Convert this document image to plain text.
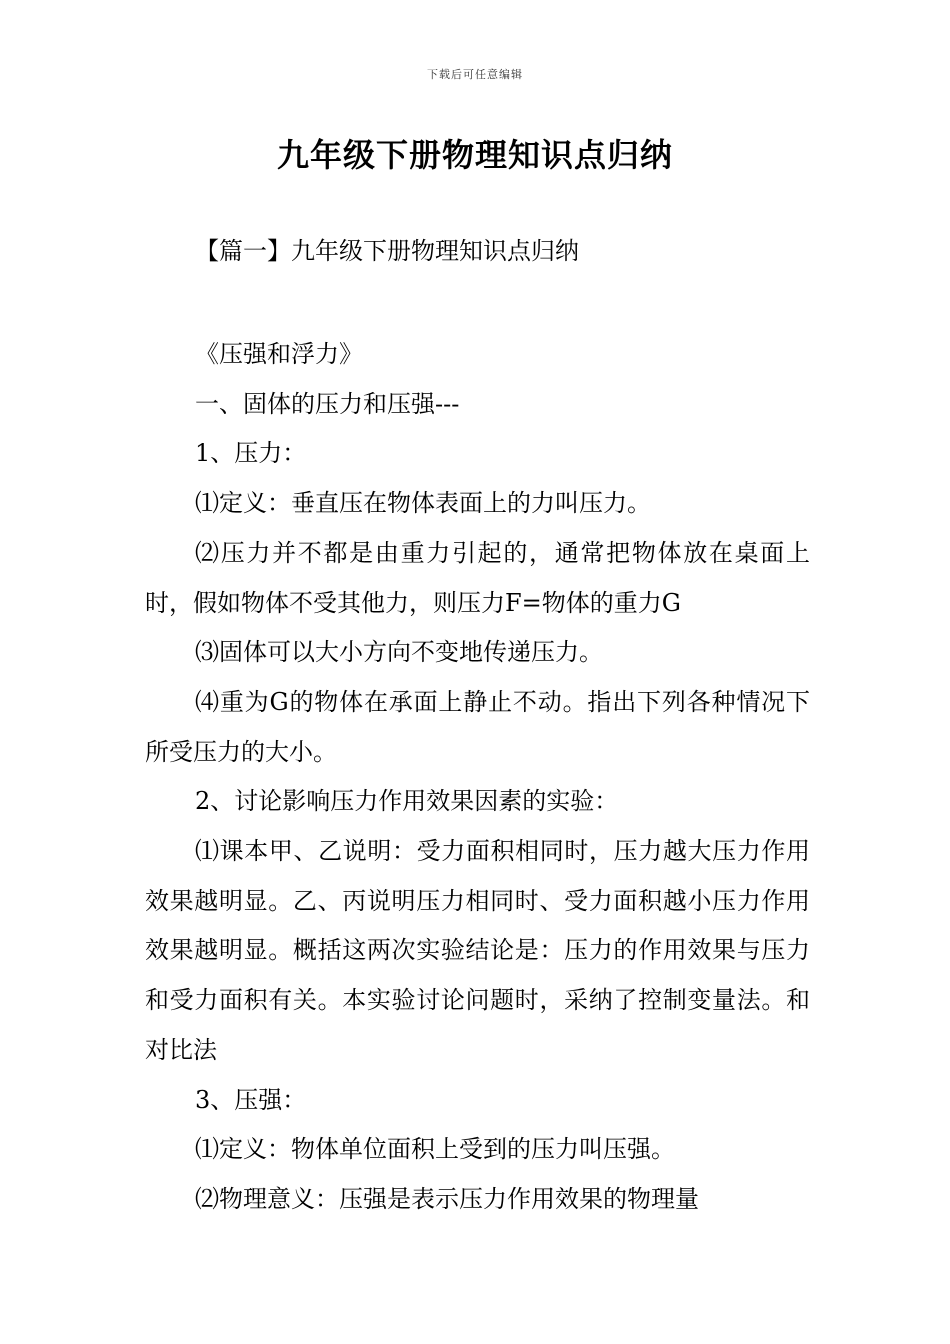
下载后可任意编辑
九年级下册物理知识点归纳
【篇一】九年级下册物理知识点归纳

《压强和浮力》

一、固体的压力和压强---

1、压力：

⑴定义：垂直压在物体表面上的力叫压力。

⑵压力并不都是由重力引起的，通常把物体放在桌面上时，假如物体不受其他力，则压力F=物体的重力G

⑶固体可以大小方向不变地传递压力。

⑷重为G的物体在承面上静止不动。指出下列各种情况下所受压力的大小。

2、讨论影响压力作用效果因素的实验：

⑴课本甲、乙说明：受力面积相同时，压力越大压力作用效果越明显。乙、丙说明压力相同时、受力面积越小压力作用效果越明显。概括这两次实验结论是：压力的作用效果与压力和受力面积有关。本实验讨论问题时，采纳了控制变量法。和对比法

3、压强：

⑴定义：物体单位面积上受到的压力叫压强。

⑵物理意义：压强是表示压力作用效果的物理量
